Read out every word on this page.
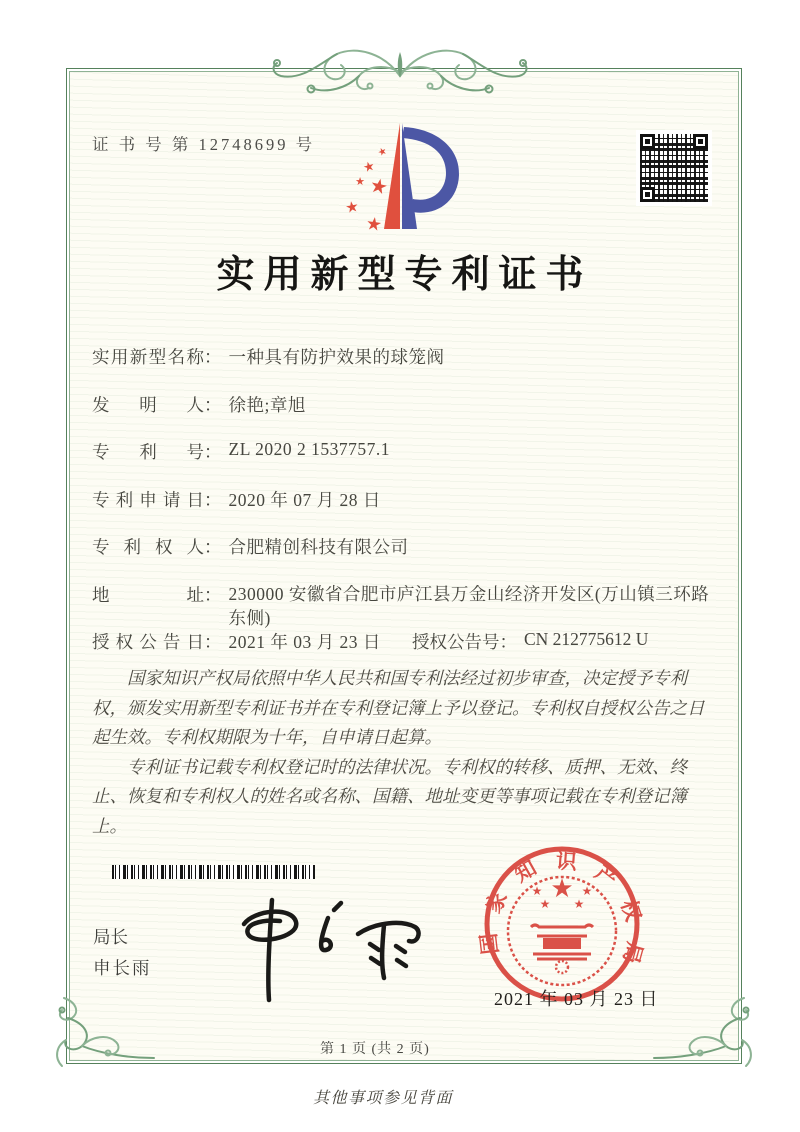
证 书 号 第 12748699 号	★
★
★ ★
★
★
实用新型专利证书
实用新型名称 ： 一种具有防护效果的球笼阀
发明人 ： 徐艳;章旭
专利号 ： ZL 2020 2 1537757.1
专利申请日 ： 2020 年 07 月 28 日
专利权人 ： 合肥精创科技有限公司
地址 ： 230000 安徽省合肥市庐江县万金山经济开发区(万山镇三环路东侧)
授权公告日 ： 2021 年 03 月 23 日 授权公告号 ： CN 212775612 U

国家知识产权局依照中华人民共和国专利法经过初步审查，决定授予专利权，颁发实用新型专利证书并在专利登记簿上予以登记。专利权自授权公告之日起生效。专利权期限为十年，自申请日起算。

专利证书记载专利权登记时的法律状况。专利权的转移、质押、无效、终止、恢复和专利权人的姓名或名称、国籍、地址变更等事项记载在专利登记簿上。

局长
申长雨
国家知识产权局
★
★	★
★ ★
2021 年 03 月 23 日
第 1 页 (共 2 页)
其他事项参见背面
